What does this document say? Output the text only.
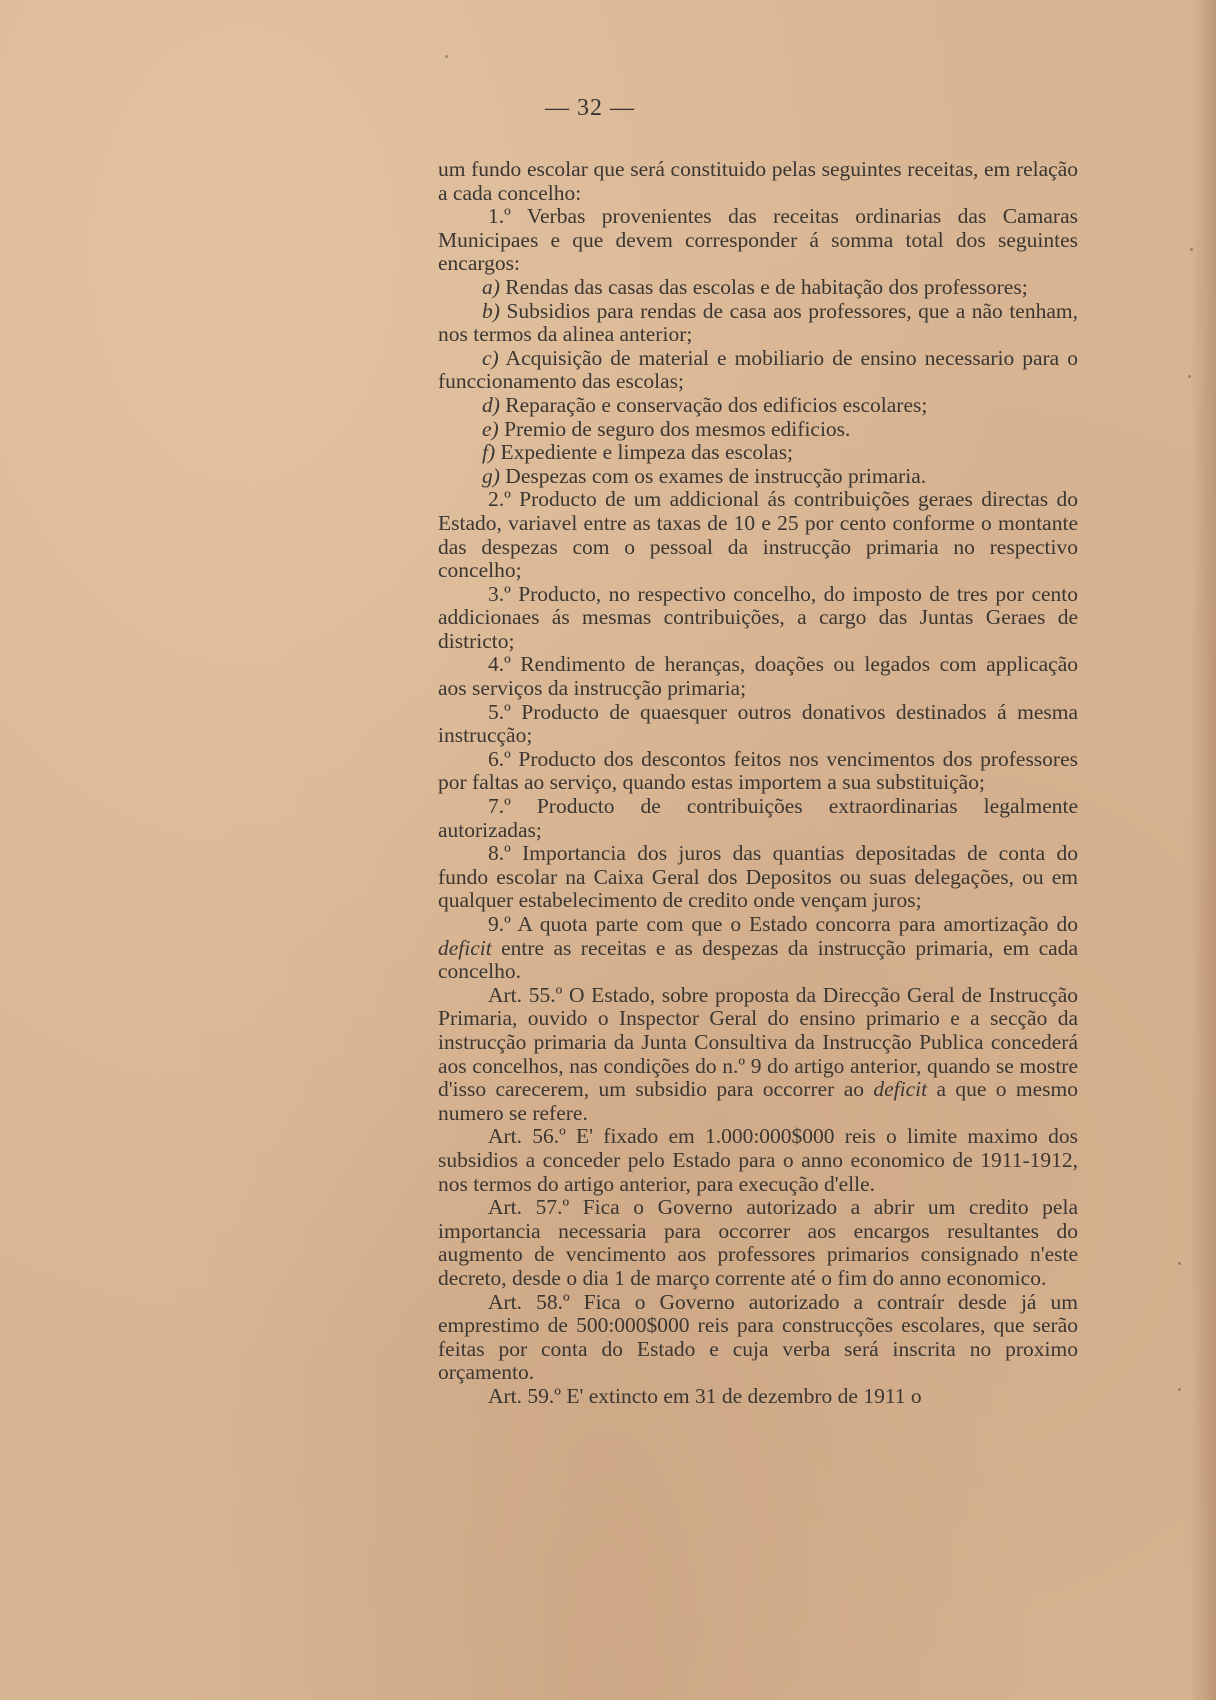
— 32 —

um fundo escolar que será constituido pelas seguintes receitas, em relação a cada concelho:

1.º Verbas provenientes das receitas ordinarias das Camaras Municipaes e que devem corresponder á somma total dos seguintes encargos:

a) Rendas das casas das escolas e de habitação dos professores;

b) Subsidios para rendas de casa aos professores, que a não tenham, nos termos da alinea anterior;

c) Acquisição de material e mobiliario de ensino necessario para o funccionamento das escolas;

d) Reparação e conservação dos edificios escolares;

e) Premio de seguro dos mesmos edificios.

f) Expediente e limpeza das escolas;

g) Despezas com os exames de instrucção primaria.

2.º Producto de um addicional ás contribuições geraes directas do Estado, variavel entre as taxas de 10 e 25 por cento conforme o montante das despezas com o pessoal da instrucção primaria no respectivo concelho;

3.º Producto, no respectivo concelho, do imposto de tres por cento addicionaes ás mesmas contribuições, a cargo das Juntas Geraes de districto;

4.º Rendimento de heranças, doações ou legados com applicação aos serviços da instrucção primaria;

5.º Producto de quaesquer outros donativos destinados á mesma instrucção;

6.º Producto dos descontos feitos nos vencimentos dos professores por faltas ao serviço, quando estas importem a sua substituição;

7.º Producto de contribuições extraordinarias legalmente autorizadas;

8.º Importancia dos juros das quantias depositadas de conta do fundo escolar na Caixa Geral dos Depositos ou suas delegações, ou em qualquer estabelecimento de credito onde vençam juros;

9.º A quota parte com que o Estado concorra para amortização do deficit entre as receitas e as despezas da instrucção primaria, em cada concelho.

Art. 55.º O Estado, sobre proposta da Direcção Geral de Instrucção Primaria, ouvido o Inspector Geral do ensino primario e a secção da instrucção primaria da Junta Consultiva da Instrucção Publica concederá aos concelhos, nas condições do n.º 9 do artigo anterior, quando se mostre d'isso carecerem, um subsidio para occorrer ao deficit a que o mesmo numero se refere.

Art. 56.º E' fixado em 1.000:000$000 reis o limite maximo dos subsidios a conceder pelo Estado para o anno economico de 1911-1912, nos termos do artigo anterior, para execução d'elle.

Art. 57.º Fica o Governo autorizado a abrir um credito pela importancia necessaria para occorrer aos encargos resultantes do augmento de vencimento aos professores primarios consignado n'este decreto, desde o dia 1 de março corrente até o fim do anno economico.

Art. 58.º Fica o Governo autorizado a contraír desde já um emprestimo de 500:000$000 reis para construcções escolares, que serão feitas por conta do Estado e cuja verba será inscrita no proximo orçamento.

Art. 59.º E' extincto em 31 de dezembro de 1911 o
